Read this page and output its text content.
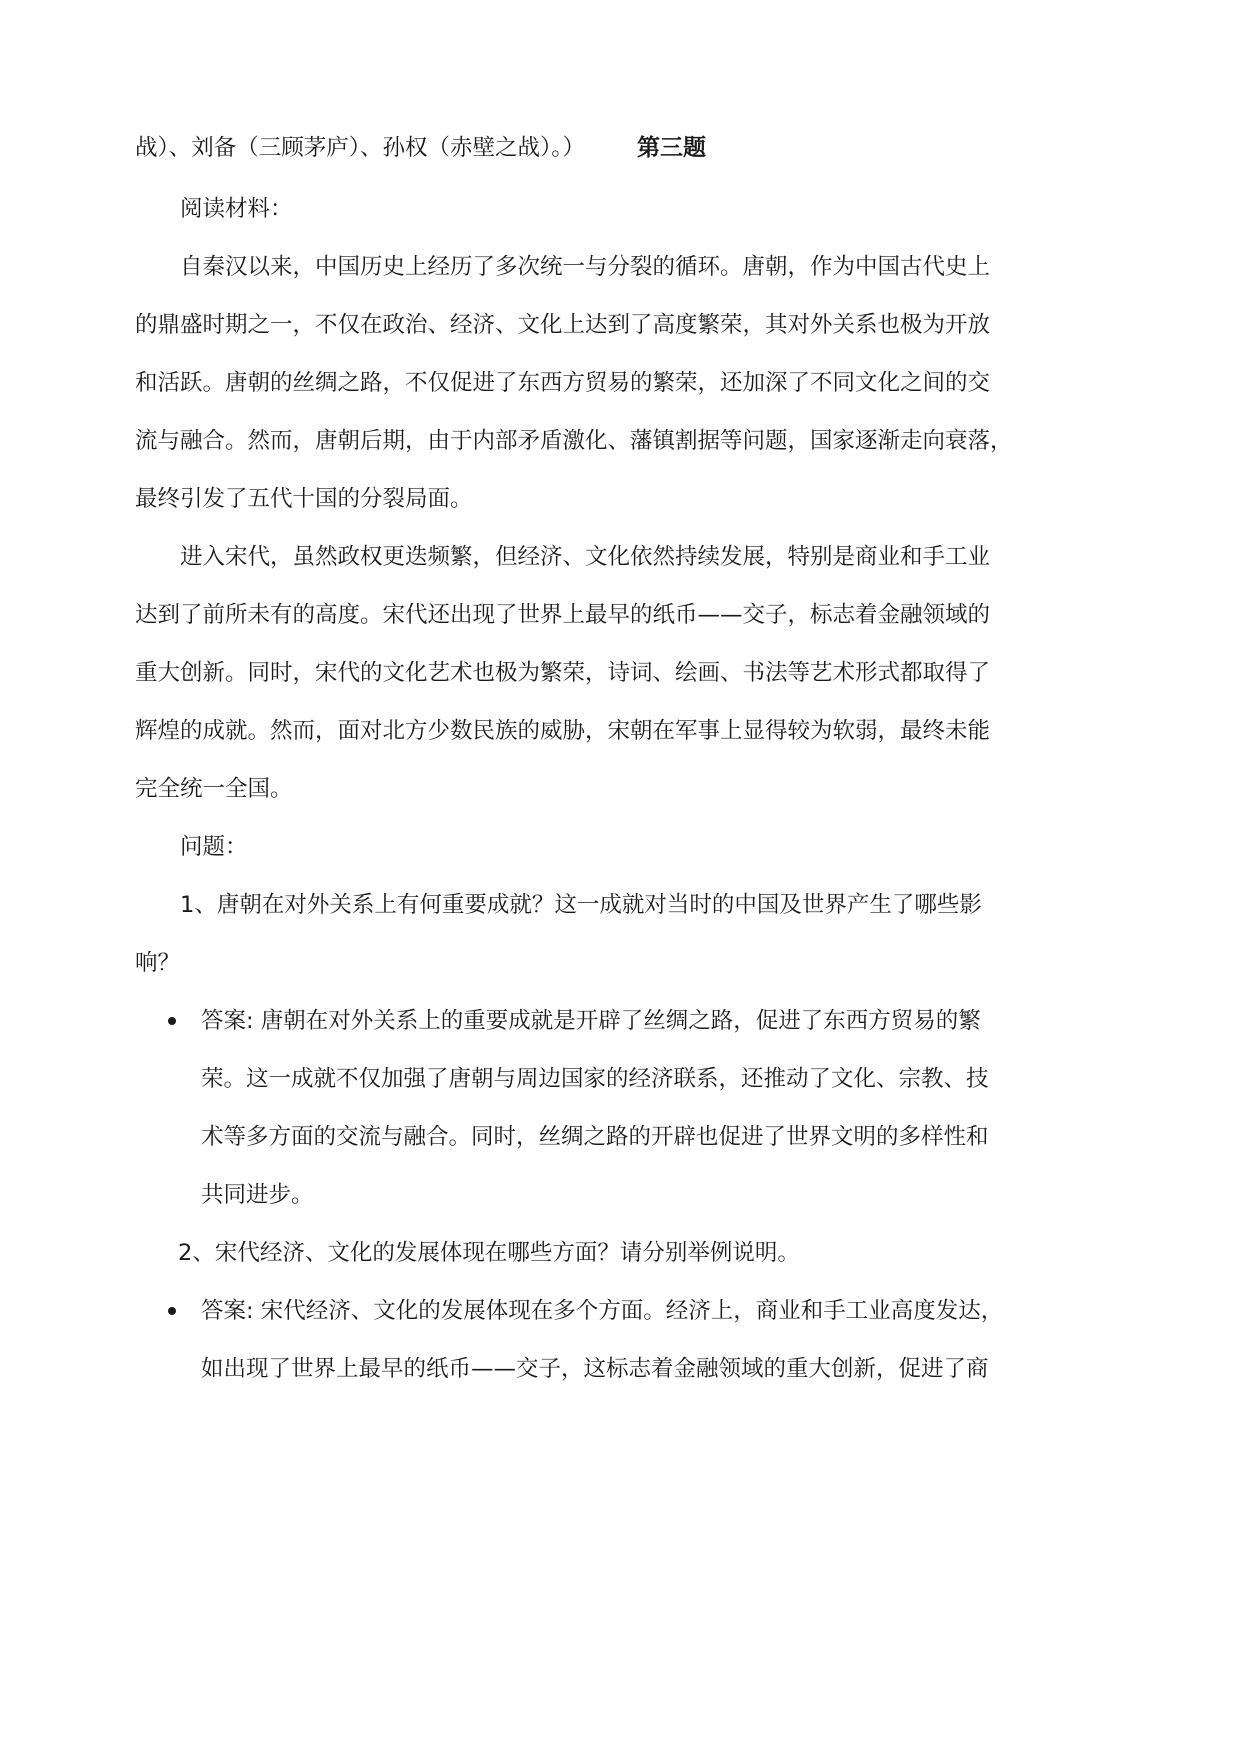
战）、刘备（三顾茅庐）、孙权（赤壁之战）。） 第三题
阅读材料：
自秦汉以来，中国历史上经历了多次统一与分裂的循环。唐朝，作为中国古代史上
的鼎盛时期之一，不仅在政治、经济、文化上达到了高度繁荣，其对外关系也极为开放
和活跃。唐朝的丝绸之路，不仅促进了东西方贸易的繁荣，还加深了不同文化之间的交
流与融合。然而，唐朝后期，由于内部矛盾激化、藩镇割据等问题，国家逐渐走向衰落，
最终引发了五代十国的分裂局面。
进入宋代，虽然政权更迭频繁，但经济、文化依然持续发展，特别是商业和手工业
达到了前所未有的高度。宋代还出现了世界上最早的纸币——交子，标志着金融领域的
重大创新。同时，宋代的文化艺术也极为繁荣，诗词、绘画、书法等艺术形式都取得了
辉煌的成就。然而，面对北方少数民族的威胁，宋朝在军事上显得较为软弱，最终未能
完全统一全国。
问题：
1、唐朝在对外关系上有何重要成就？这一成就对当时的中国及世界产生了哪些影
响？
答案: 唐朝在对外关系上的重要成就是开辟了丝绸之路，促进了东西方贸易的繁
荣。这一成就不仅加强了唐朝与周边国家的经济联系，还推动了文化、宗教、技
术等多方面的交流与融合。同时，丝绸之路的开辟也促进了世界文明的多样性和
共同进步。
2、宋代经济、文化的发展体现在哪些方面？请分别举例说明。
答案: 宋代经济、文化的发展体现在多个方面。经济上，商业和手工业高度发达，
如出现了世界上最早的纸币——交子，这标志着金融领域的重大创新，促进了商
